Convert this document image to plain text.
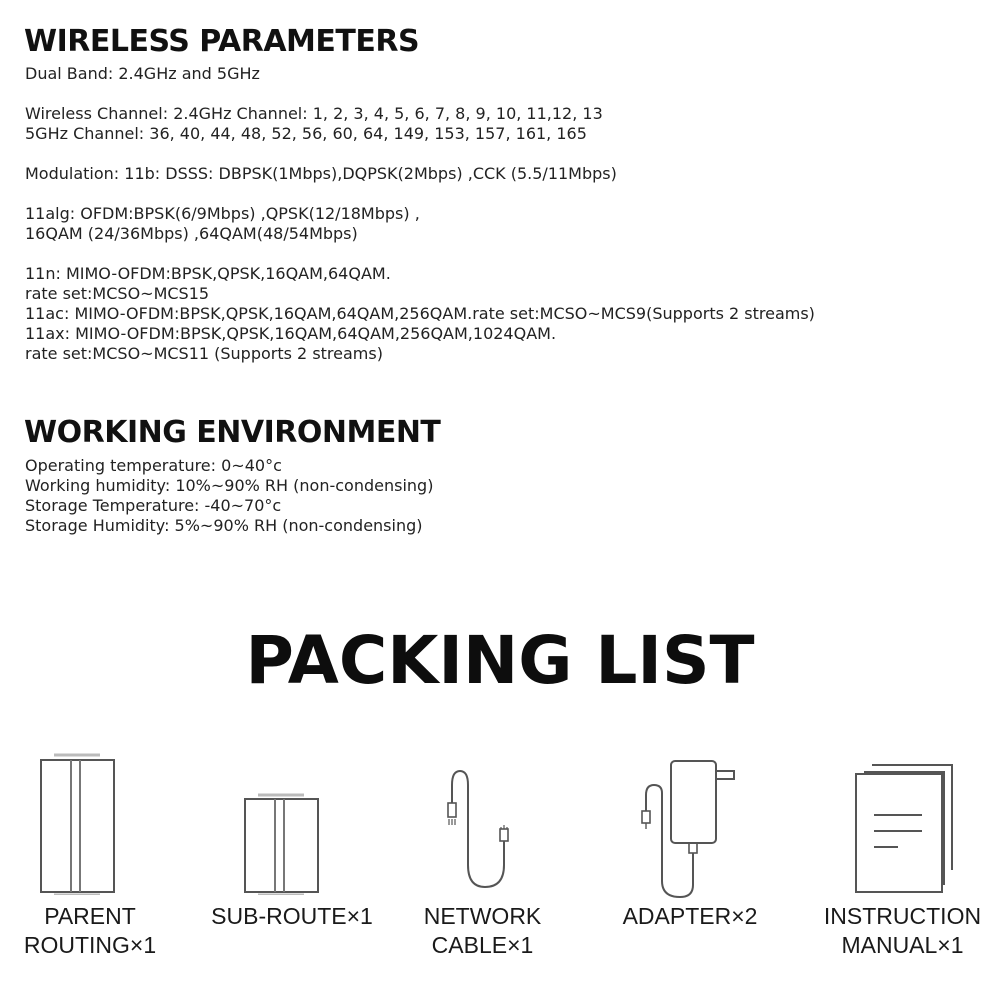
WIRELESS PARAMETERS
Dual Band: 2.4GHz and 5GHz
Wireless Channel: 2.4GHz Channel: 1, 2, 3, 4, 5, 6, 7, 8, 9, 10, 11,12, 13
5GHz Channel: 36, 40, 44, 48, 52, 56, 60, 64, 149, 153, 157, 161, 165
Modulation: 11b: DSSS: DBPSK(1Mbps),DQPSK(2Mbps) ,CCK (5.5/11Mbps)
11alg: OFDM:BPSK(6/9Mbps) ,QPSK(12/18Mbps) ,
16QAM (24/36Mbps) ,64QAM(48/54Mbps)
11n: MIMO-OFDM:BPSK,QPSK,16QAM,64QAM.
rate set:MCSO~MCS15
11ac: MIMO-OFDM:BPSK,QPSK,16QAM,64QAM,256QAM.rate set:MCSO~MCS9(Supports 2 streams)
11ax: MIMO-OFDM:BPSK,QPSK,16QAM,64QAM,256QAM,1024QAM.
rate set:MCSO~MCS11 (Supports 2 streams)
WORKING ENVIRONMENT
Operating temperature: 0~40°c
Working humidity: 10%~90% RH (non-condensing)
Storage Temperature: -40~70°c
Storage Humidity: 5%~90% RH (non-condensing)
PACKING LIST
PARENT
ROUTING×1
SUB-ROUTE×1	NETWORK
CABLE×1
ADAPTER×2	INSTRUCTION
MANUAL×1
